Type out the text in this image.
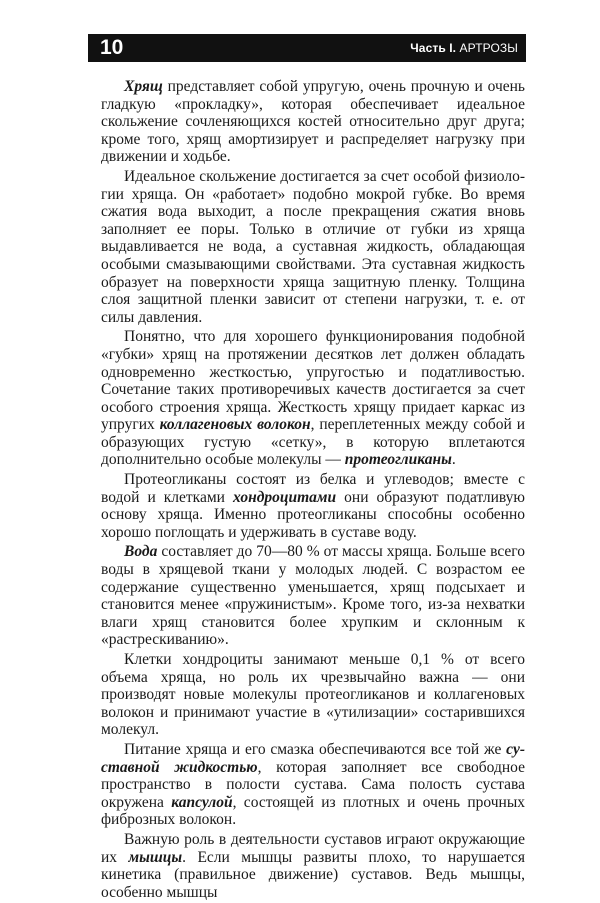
10	Часть I. АРТРОЗЫ

Хрящ представляет собой упругую, очень прочную и очень гладкую «прокладку», которая обеспечивает идеальное скольжение сочленяющихся костей относительно друг друга; кроме того, хрящ амортизирует и распределяет нагрузку при движении и ходьбе.

Идеальное скольжение достигается за счет особой физиологии хряща. Он «работает» подобно мокрой губке. Во время сжатия вода выходит, а после прекращения сжатия вновь заполняет ее поры. Только в отличие от губки из хряща выдавливается не вода, а суставная жидкость, обладающая особыми смазывающими свойствами. Эта суставная жидкость образует на поверхности хряща защитную пленку. Толщина слоя защитной пленки зависит от степени нагрузки, т. е. от силы давления.

Понятно, что для хорошего функционирования подобной «губки» хрящ на протяжении десятков лет должен обладать одновременно жесткостью, упругостью и податливостью. Сочетание таких противоречивых качеств достигается за счет особого строения хряща. Жесткость хрящу придает каркас из упругих коллагеновых волокон, переплетенных между собой и образующих густую «сетку», в которую вплетаются дополнительно особые молекулы — протеогликаны.

Протеогликаны состоят из белка и углеводов; вместе с водой и клетками хондроцитами они образуют податливую основу хряща. Именно протеогликаны способны особенно хорошо поглощать и удерживать в суставе воду.

Вода составляет до 70—80 % от массы хряща. Больше всего воды в хрящевой ткани у молодых людей. С возрастом ее содержание существенно уменьшается, хрящ подсыхает и становится менее «пружинистым». Кроме того, из-за нехватки влаги хрящ становится более хрупким и склонным к «растрескиванию».

Клетки хондроциты занимают меньше 0,1 % от всего объема хряща, но роль их чрезвычайно важна — они производят новые молекулы протеогликанов и коллагеновых волокон и принимают участие в «утилизации» состарившихся молекул.

Питание хряща и его смазка обеспечиваются все той же суставной жидкостью, которая заполняет все свободное пространство в полости сустава. Сама полость сустава окружена капсулой, состоящей из плотных и очень прочных фиброзных волокон.

Важную роль в деятельности суставов играют окружающие их мышцы. Если мышцы развиты плохо, то нарушается кинетика (правильное движение) суставов. Ведь мышцы, особенно мышцы
